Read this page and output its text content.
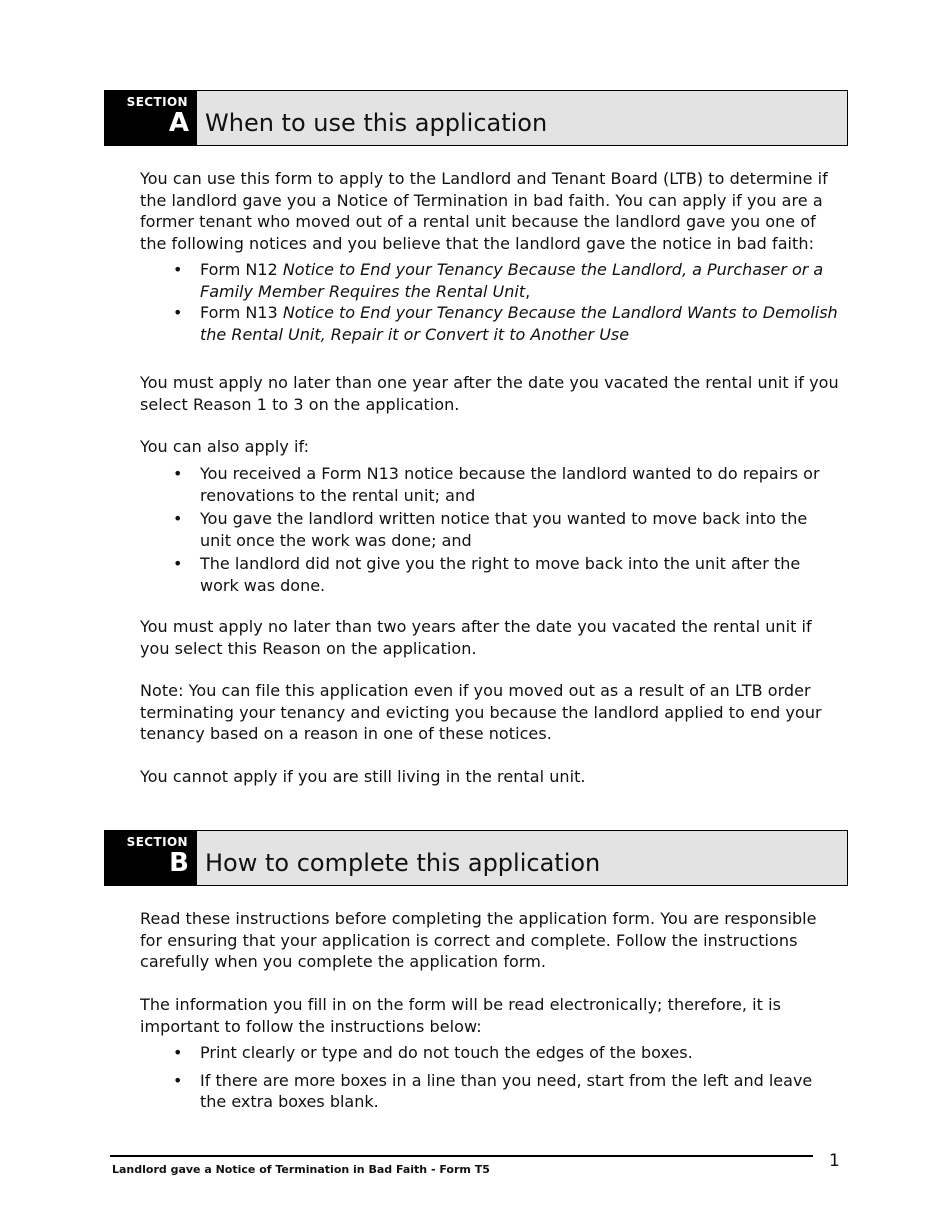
SECTION
A When to use this application

You can use this form to apply to the Landlord and Tenant Board (LTB) to determine if the landlord gave you a Notice of Termination in bad faith. You can apply if you are a former tenant who moved out of a rental unit because the landlord gave you one of the following notices and you believe that the landlord gave the notice in bad faith:

• Form N12 Notice to End your Tenancy Because the Landlord, a Purchaser or a Family Member Requires the Rental Unit,
• Form N13 Notice to End your Tenancy Because the Landlord Wants to Demolish the Rental Unit, Repair it or Convert it to Another Use

You must apply no later than one year after the date you vacated the rental unit if you select Reason 1 to 3 on the application.

You can also apply if:

• You received a Form N13 notice because the landlord wanted to do repairs or renovations to the rental unit; and
• You gave the landlord written notice that you wanted to move back into the unit once the work was done; and
• The landlord did not give you the right to move back into the unit after the work was done.

You must apply no later than two years after the date you vacated the rental unit if you select this Reason on the application.

Note: You can file this application even if you moved out as a result of an LTB order terminating your tenancy and evicting you because the landlord applied to end your tenancy based on a reason in one of these notices.

You cannot apply if you are still living in the rental unit.

SECTION
B How to complete this application

Read these instructions before completing the application form. You are responsible for ensuring that your application is correct and complete. Follow the instructions carefully when you complete the application form.

The information you fill in on the form will be read electronically; therefore, it is important to follow the instructions below:

• Print clearly or type and do not touch the edges of the boxes.
• If there are more boxes in a line than you need, start from the left and leave the extra boxes blank.
Landlord gave a Notice of Termination in Bad Faith - Form T5	1
